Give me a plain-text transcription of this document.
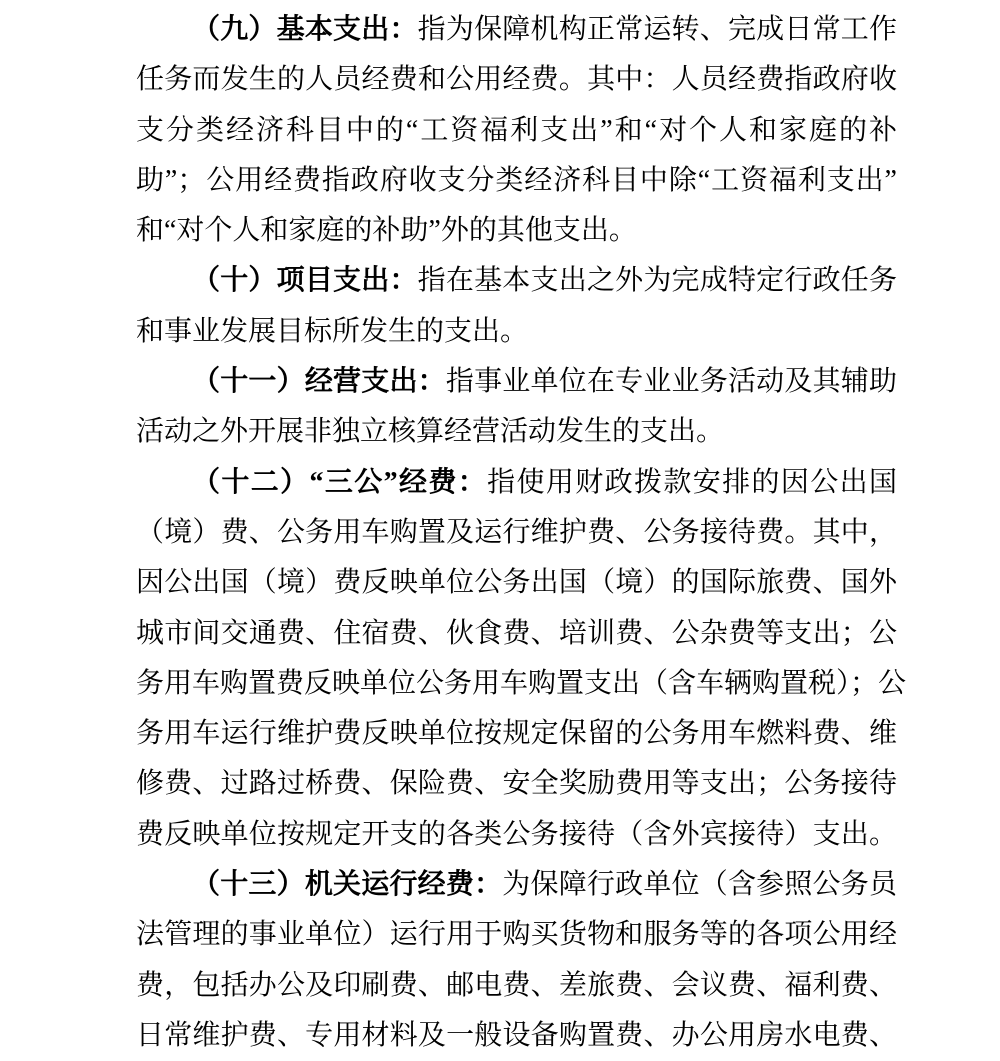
（九）基本支出：指为保障机构正常运转、完成日常工作
任务而发生的人员经费和公用经费。其中：人员经费指政府收
支分类经济科目中的“工资福利支出”和“对个人和家庭的补
助”；公用经费指政府收支分类经济科目中除“工资福利支出”
和“对个人和家庭的补助”外的其他支出。
（十）项目支出：指在基本支出之外为完成特定行政任务
和事业发展目标所发生的支出。
（十一）经营支出：指事业单位在专业业务活动及其辅助
活动之外开展非独立核算经营活动发生的支出。
（十二）“三公”经费：指使用财政拨款安排的因公出国
（境）费、公务用车购置及运行维护费、公务接待费。其中，
因公出国（境）费反映单位公务出国（境）的国际旅费、国外
城市间交通费、住宿费、伙食费、培训费、公杂费等支出；公
务用车购置费反映单位公务用车购置支出（含车辆购置税）；公
务用车运行维护费反映单位按规定保留的公务用车燃料费、维
修费、过路过桥费、保险费、安全奖励费用等支出；公务接待
费反映单位按规定开支的各类公务接待（含外宾接待）支出。
（十三）机关运行经费：为保障行政单位（含参照公务员
法管理的事业单位）运行用于购买货物和服务等的各项公用经
费，包括办公及印刷费、邮电费、差旅费、会议费、福利费、
日常维护费、专用材料及一般设备购置费、办公用房水电费、
